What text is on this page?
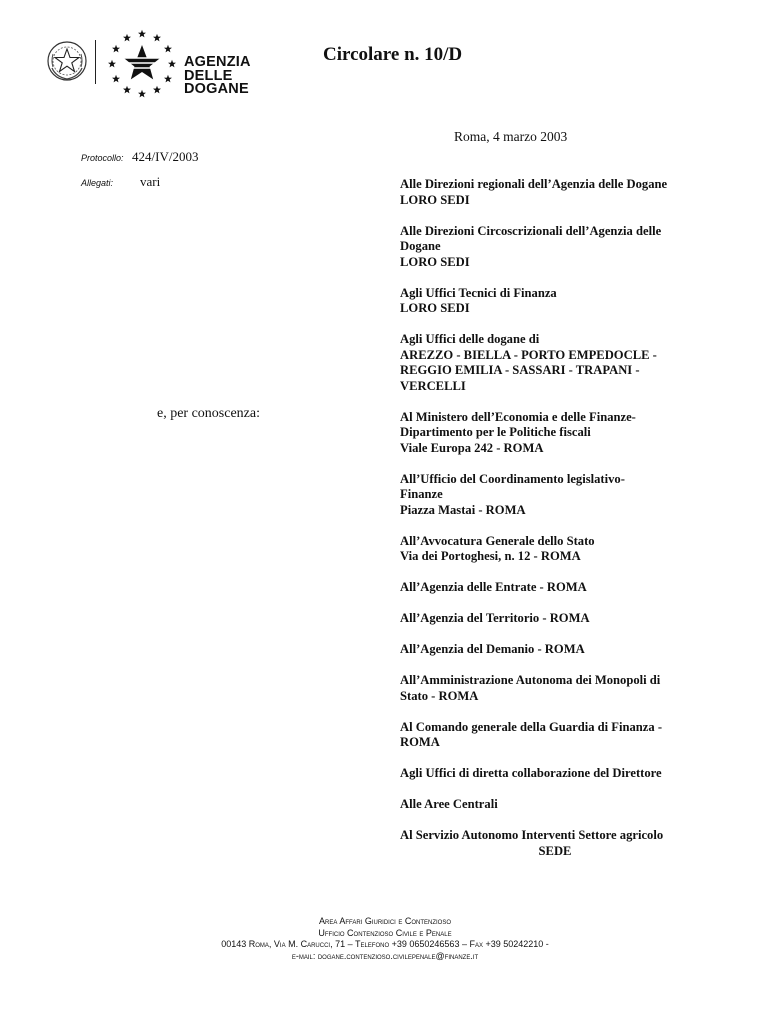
AGENZIA
DELLE
DOGANE
Circolare n. 10/D
Roma, 4 marzo 2003
Protocollo: 424/IV/2003
Allegati: vari
e, per conoscenza:
Alle Direzioni regionali dell’Agenzia delle Dogane
LORO SEDI
Alle Direzioni Circoscrizionali dell’Agenzia delle
Dogane
LORO SEDI
Agli Uffici Tecnici di Finanza
LORO SEDI
Agli Uffici delle dogane di
AREZZO - BIELLA - PORTO EMPEDOCLE -
REGGIO EMILIA - SASSARI - TRAPANI -
VERCELLI
Al Ministero dell’Economia e delle Finanze-
Dipartimento per le Politiche fiscali
Viale Europa 242 - ROMA
All’Ufficio del Coordinamento legislativo-
Finanze
Piazza Mastai - ROMA
All’Avvocatura Generale dello Stato
Via dei Portoghesi, n. 12 - ROMA
All’Agenzia delle Entrate - ROMA
All’Agenzia del Territorio - ROMA
All’Agenzia del Demanio - ROMA
All’Amministrazione Autonoma dei Monopoli di
Stato - ROMA
Al Comando generale della Guardia di Finanza -
ROMA
Agli Uffici di diretta collaborazione del Direttore
Alle Aree Centrali
Al Servizio Autonomo Interventi Settore agricolo
SEDE
Area Affari Giuridici e Contenzioso
Ufficio Contenzioso Civile e Penale
00143 Roma, Via M. Carucci, 71 – Telefono +39 0650246563 – Fax +39 50242210 -
e-mail: dogane.contenzioso.civilepenale@finanze.it
